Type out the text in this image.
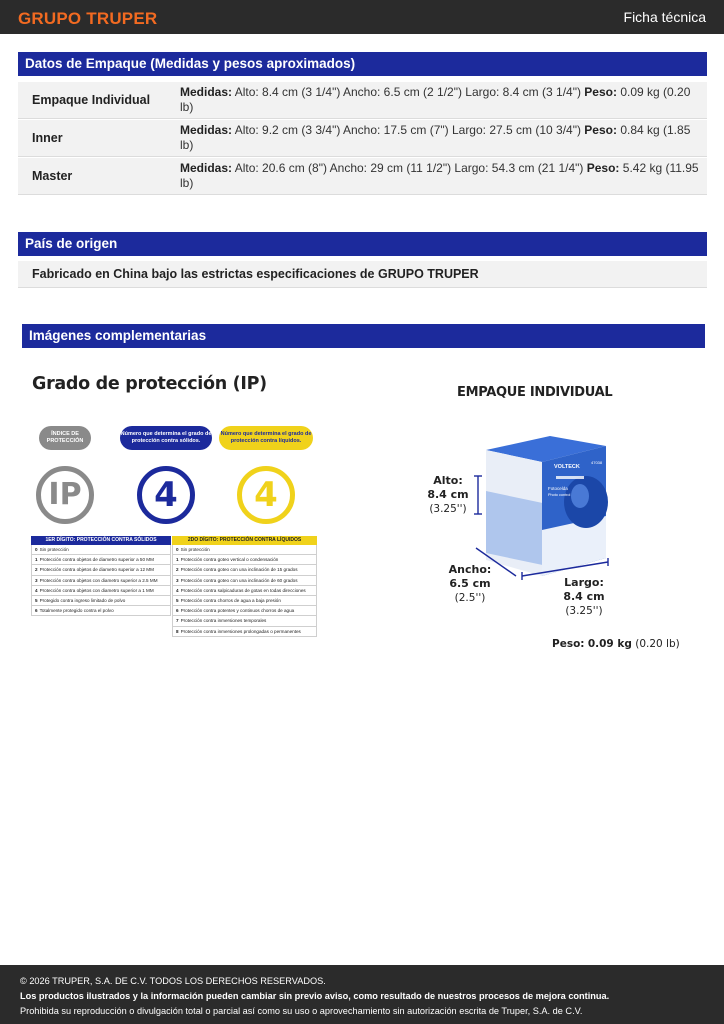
GRUPO TRUPER	Ficha técnica
Datos de Empaque (Medidas y pesos aproximados)
Empaque Individual
Medidas: Alto: 8.4 cm (3 1/4") Ancho: 6.5 cm (2 1/2") Largo: 8.4 cm (3 1/4") Peso: 0.09 kg (0.20 lb)
Inner
Medidas: Alto: 9.2 cm (3 3/4") Ancho: 17.5 cm (7") Largo: 27.5 cm (10 3/4") Peso: 0.84 kg (1.85 lb)
Master
Medidas: Alto: 20.6 cm (8") Ancho: 29 cm (11 1/2") Largo: 54.3 cm (21 1/4") Peso: 5.42 kg (11.95 lb)
País de origen
Fabricado en China bajo las estrictas especificaciones de GRUPO TRUPER
Imágenes complementarias
Grado de protección (IP)
ÍNDICE DE PROTECCIÓN
Número que determina el grado de protección contra sólidos.
Número que determina el grado de protección contra líquidos.
IP	4	4
1ER DÍGITO: PROTECCIÓN CONTRA SÓLIDOS
0 Sin protección
1 Protección contra objetos de diametro superior a 50 MM
2 Protección contra objetos de diametro superior a 12 MM
3 Protección contra objetos con diametro superior a 2.5 MM
4 Protección contra objetos con diametro superior a 1 MM
5 Protegido contra ingreso limitado de polvo
6 Totalmente protegido contra el polvo
2DO DÍGITO: PROTECCIÓN CONTRA LÍQUIDOS
0 Sin protección
1 Protección contra goteo vertical o condensación
2 Protección contra goteo con una inclinación de 15 grados
3 Protección contra goteo con una inclinación de 60 grados
4 Protección contra salpicaduras de gotas en todas direcciones
5 Protección contra chorros de agua a baja presión
6 Protección contra potentes y continuos chorros de agua
7 Protección contra inmersiones temporales
8 Protección contra inmersiones prolongadas o permanentes
EMPAQUE INDIVIDUAL
Fotocelda
Photo control
VOLTECK
47038
Alto:
8.4 cm
(3.25'')
Ancho:
6.5 cm
(2.5'')
Largo:
8.4 cm
(3.25'')
Peso: 0.09 kg (0.20 lb)
© 2026 TRUPER, S.A. DE C.V. TODOS LOS DERECHOS RESERVADOS.
Los productos ilustrados y la información pueden cambiar sin previo aviso, como resultado de nuestros procesos de mejora continua.
Prohibida su reproducción o divulgación total o parcial así como su uso o aprovechamiento sin autorización escrita de Truper, S.A. de C.V.
